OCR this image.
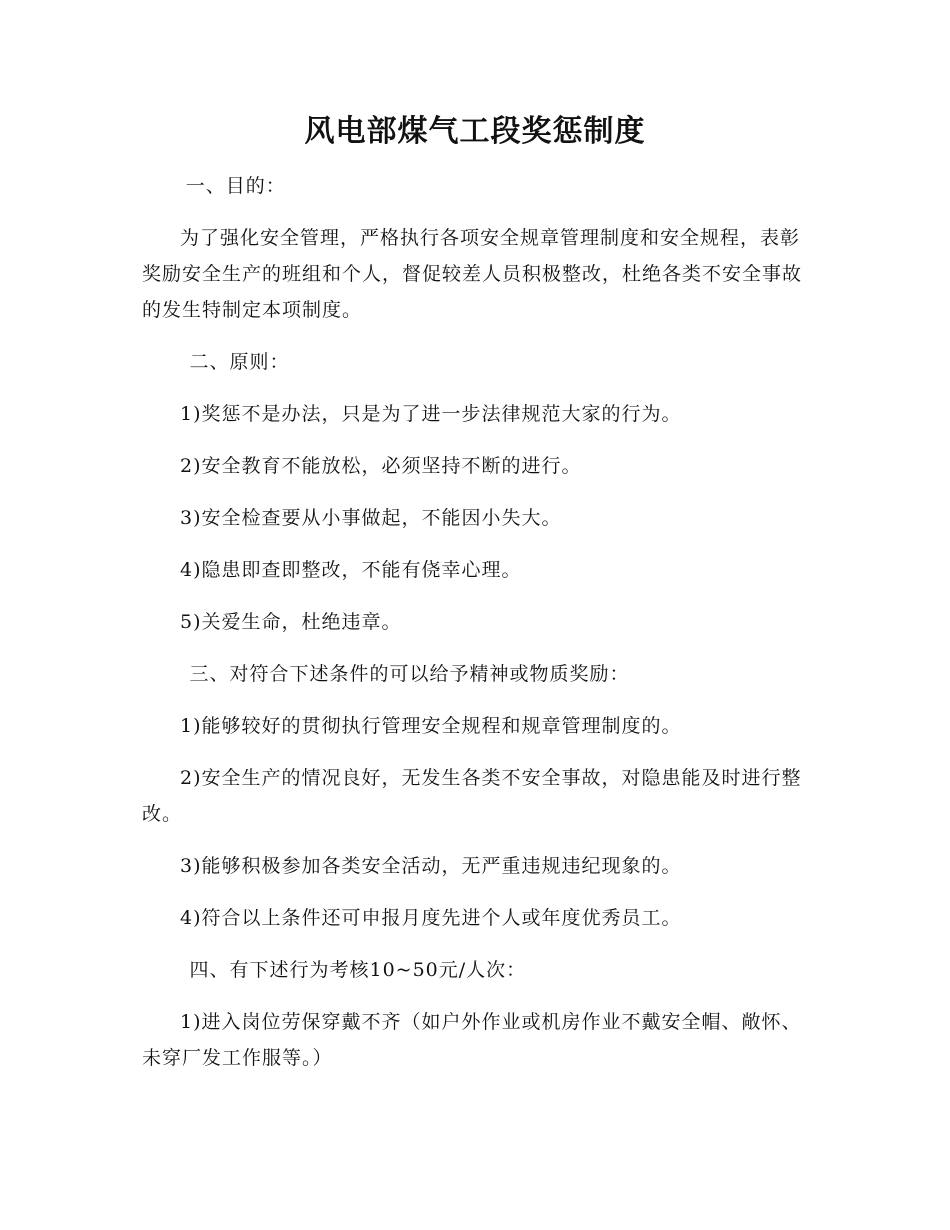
风电部煤气工段奖惩制度

一、目的：

为了强化安全管理，严格执行各项安全规章管理制度和安全规程，表彰奖励安全生产的班组和个人，督促较差人员积极整改，杜绝各类不安全事故的发生特制定本项制度。

二、原则：

1)奖惩不是办法，只是为了进一步法律规范大家的行为。

2)安全教育不能放松，必须坚持不断的进行。

3)安全检查要从小事做起，不能因小失大。

4)隐患即查即整改，不能有侥幸心理。

5)关爱生命，杜绝违章。

三、对符合下述条件的可以给予精神或物质奖励：

1)能够较好的贯彻执行管理安全规程和规章管理制度的。

2)安全生产的情况良好，无发生各类不安全事故，对隐患能及时进行整改。

3)能够积极参加各类安全活动，无严重违规违纪现象的。

4)符合以上条件还可申报月度先进个人或年度优秀员工。

四、有下述行为考核10~50元/人次：

1)进入岗位劳保穿戴不齐（如户外作业或机房作业不戴安全帽、敞怀、未穿厂发工作服等。）
